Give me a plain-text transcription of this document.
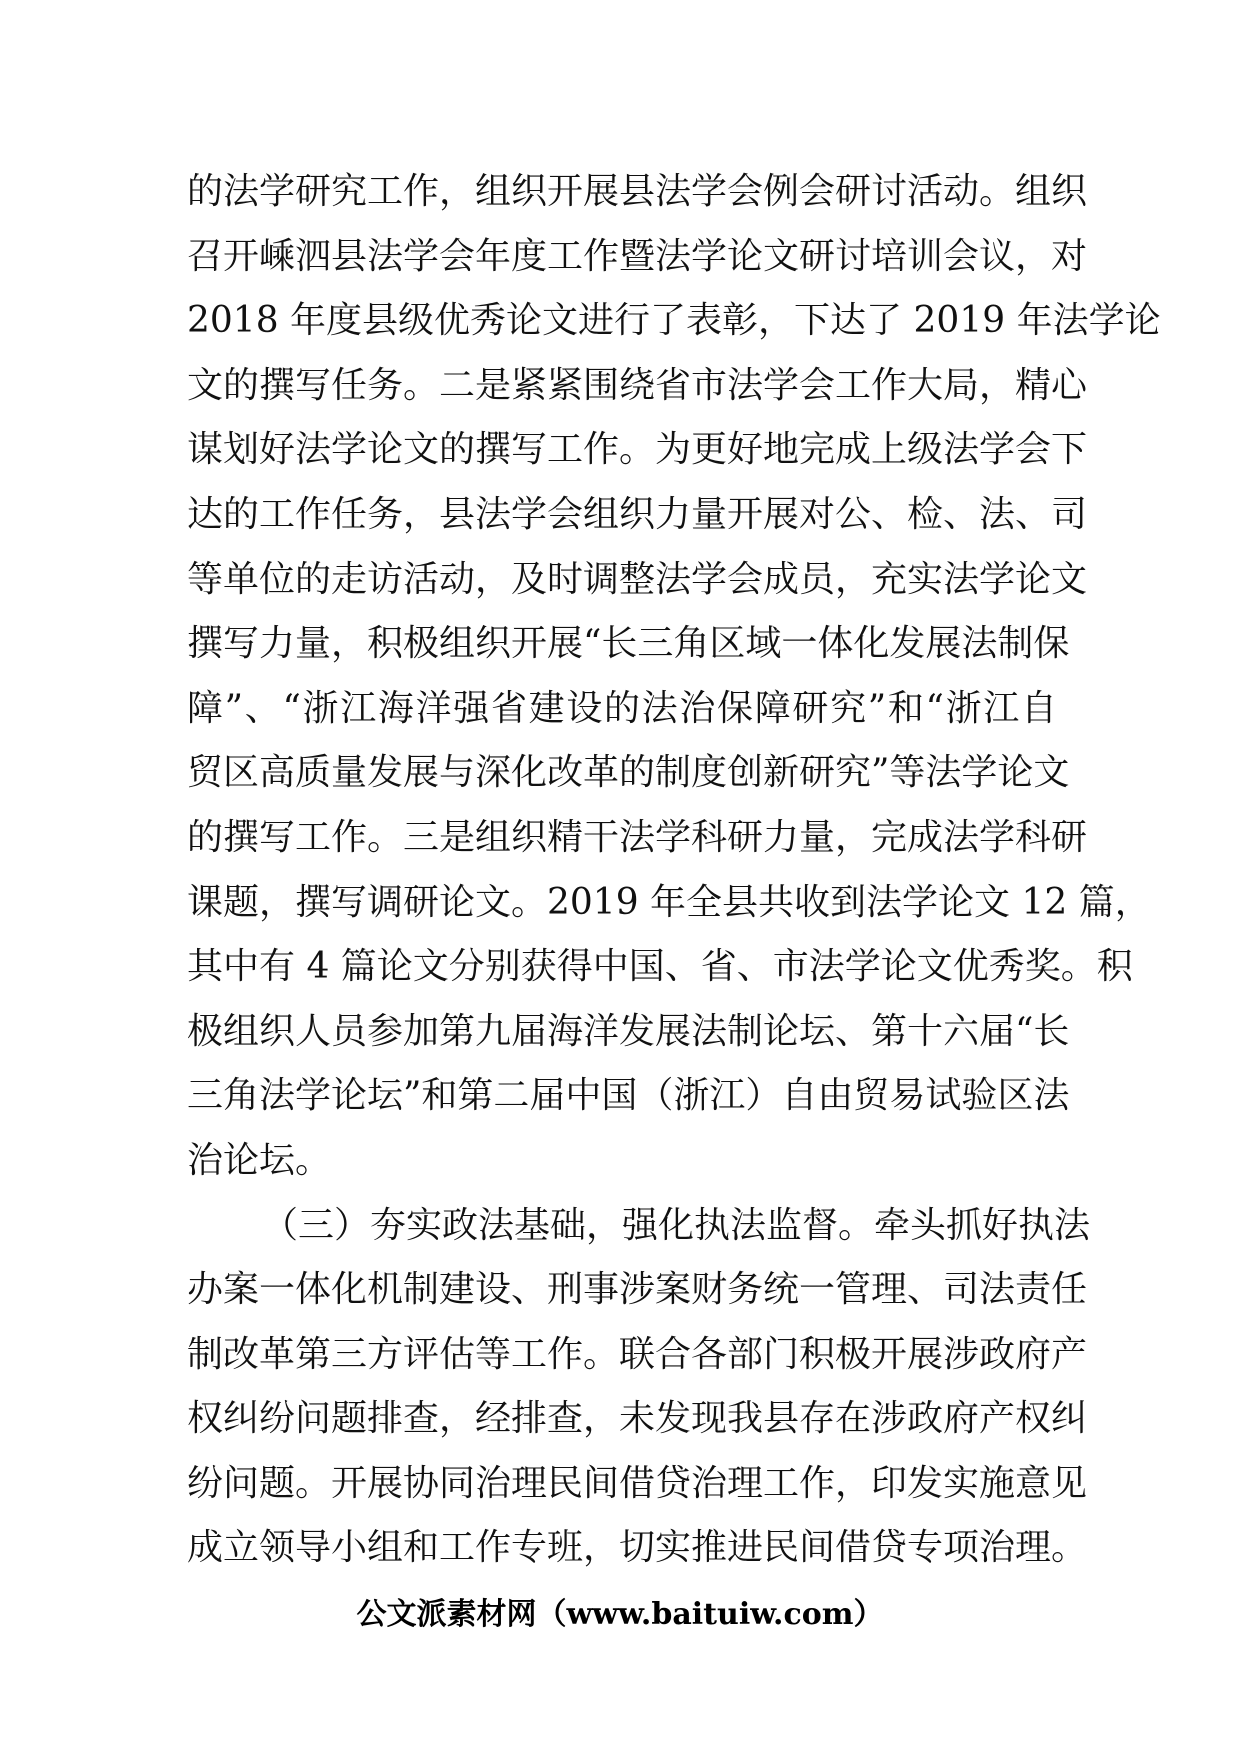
的法学研究工作，组织开展县法学会例会研讨活动。组织
召开嵊泗县法学会年度工作暨法学论文研讨培训会议，对
2018 年度县级优秀论文进行了表彰，下达了 2019 年法学论
文的撰写任务。二是紧紧围绕省市法学会工作大局，精心
谋划好法学论文的撰写工作。为更好地完成上级法学会下
达的工作任务，县法学会组织力量开展对公、检、法、司
等单位的走访活动，及时调整法学会成员，充实法学论文
撰写力量，积极组织开展“长三角区域一体化发展法制保
障”、“浙江海洋强省建设的法治保障研究”和“浙江自
贸区高质量发展与深化改革的制度创新研究”等法学论文
的撰写工作。三是组织精干法学科研力量，完成法学科研
课题，撰写调研论文。2019 年全县共收到法学论文 12 篇，
其中有 4 篇论文分别获得中国、省、市法学论文优秀奖。积
极组织人员参加第九届海洋发展法制论坛、第十六届“长
三角法学论坛”和第二届中国（浙江）自由贸易试验区法
治论坛。
（三）夯实政法基础，强化执法监督。牵头抓好执法
办案一体化机制建设、刑事涉案财务统一管理、司法责任
制改革第三方评估等工作。联合各部门积极开展涉政府产
权纠纷问题排查，经排查，未发现我县存在涉政府产权纠
纷问题。开展协同治理民间借贷治理工作，印发实施意见
成立领导小组和工作专班，切实推进民间借贷专项治理。
公文派素材网（www.baitui​w.com）
